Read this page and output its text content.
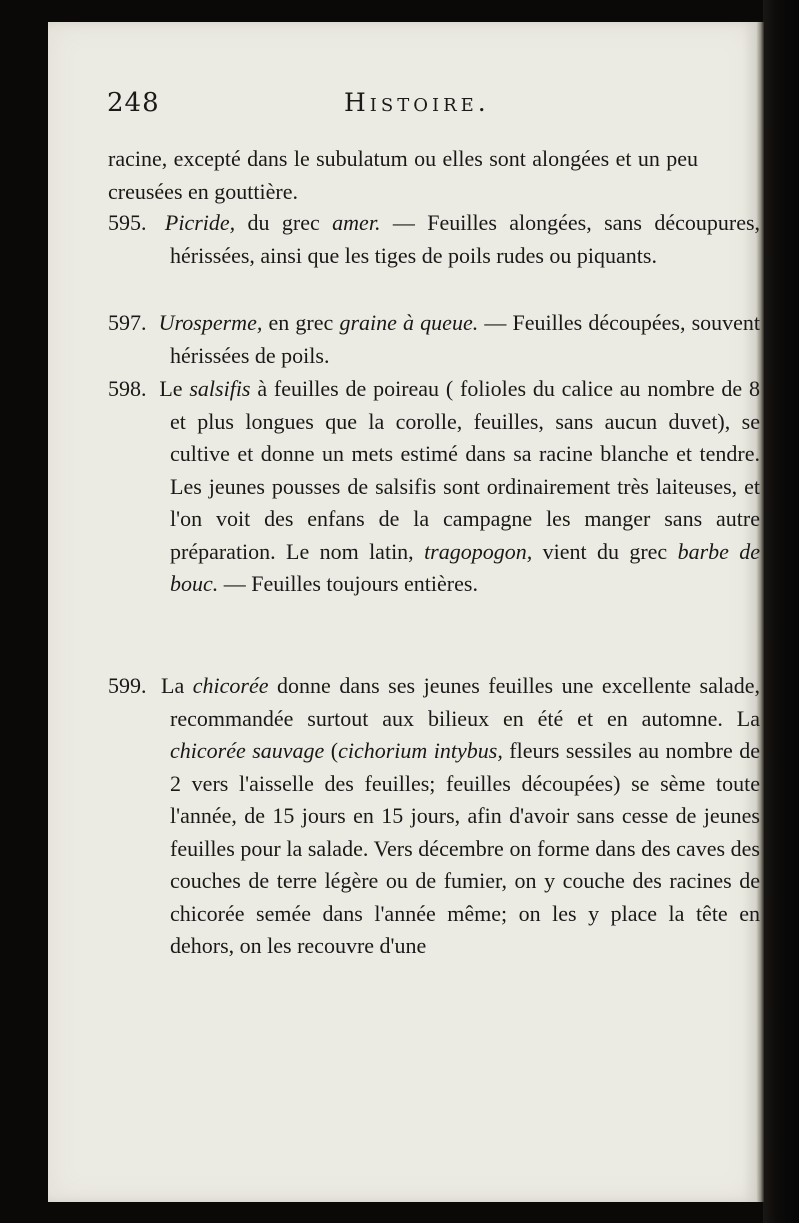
248	Histoire.
racine, excepté dans le subulatum ou elles sont alongées et un peu creusées en gouttière.
595. Picride, du grec amer. — Feuilles alongées, sans découpures, hérissées, ainsi que les tiges de poils rudes ou piquants.
597. Urosperme, en grec graine à queue. — Feuilles découpées, souvent hérissées de poils.
598. Le salsifis à feuilles de poireau ( folioles du calice au nombre de 8 et plus longues que la corolle, feuilles, sans aucun duvet), se cultive et donne un mets estimé dans sa racine blanche et tendre. Les jeunes pousses de salsifis sont ordinairement très laiteuses, et l'on voit des enfans de la campagne les manger sans autre préparation. Le nom latin, tragopogon, vient du grec barbe de bouc. — Feuilles toujours entières.
599. La chicorée donne dans ses jeunes feuilles une excellente salade, recommandée surtout aux bilieux en été et en automne. La chicorée sauvage (cichorium intybus, fleurs sessiles au nombre de 2 vers l'aisselle des feuilles; feuilles découpées) se sème toute l'année, de 15 jours en 15 jours, afin d'avoir sans cesse de jeunes feuilles pour la salade. Vers décembre on forme dans des caves des couches de terre légère ou de fumier, on y couche des racines de chicorée semée dans l'année même; on les y place la tête en dehors, on les recouvre d'une
